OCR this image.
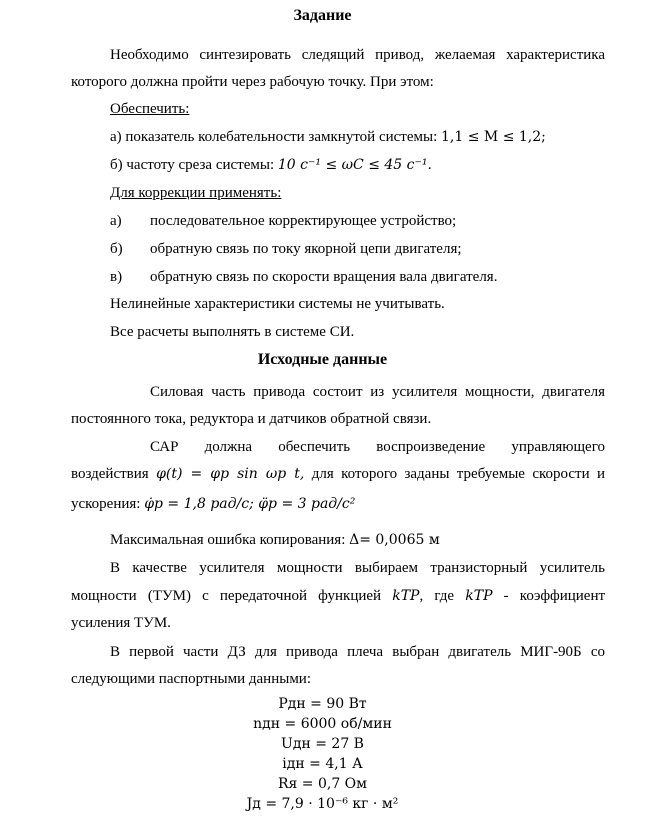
Задание
Необходимо синтезировать следящий привод, желаемая характеристика
которого должна пройти через рабочую точку. При этом:
Обеспечить:
а) показатель колебательности замкнутой системы: 1,1 ≤ M ≤ 1,2;
б) частоту среза системы: 10 c⁻¹ ≤ ωC ≤ 45 c⁻¹.
Для коррекции применять:
а) последовательное корректирующее устройство;
б) обратную связь по току якорной цепи двигателя;
в) обратную связь по скорости вращения вала двигателя.
Нелинейные характеристики системы не учитывать.
Все расчеты выполнять в системе СИ.
Исходные данные
Силовая часть привода состоит из усилителя мощности, двигателя
постоянного тока, редуктора и датчиков обратной связи.
САР должна обеспечить воспроизведение управляющего
воздействия φ(t) = φp sin ωp t, для которого заданы требуемые скорости и
ускорения: φ̇p = 1,8 рад/с; φ̈p = 3 рад/с²
Максимальная ошибка копирования: Δ= 0,0065 м
В качестве усилителя мощности выбираем транзисторный усилитель
мощности (ТУМ) с передаточной функцией kTP, где kTP - коэффициент
усиления ТУМ.
В первой части ДЗ для привода плеча выбран двигатель МИГ-90Б со
следующими паспортными данными:
Pдн = 90 Вт
nдн = 6000 об/мин
Uдн = 27 В
iдн = 4,1 А
Rя = 0,7 Ом
Jд = 7,9 · 10⁻⁶ кг · м²
